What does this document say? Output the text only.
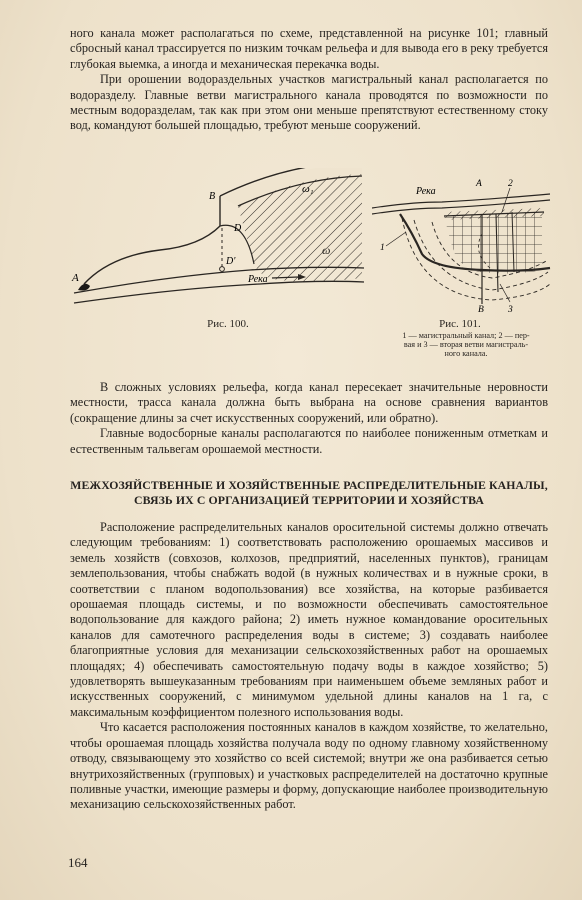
ного канала может располагаться по схеме, представленной на рисунке 101; главный сбросный канал трассируется по низким точкам рельефа и для вывода его в реку требуется глубокая выемка, а иногда и механическая перекачка воды.

При орошении водораздельных участков магистральный канал располагается по водоразделу. Главные ветви магистрального канала проводятся по возможности по местным водоразделам, так как при этом они меньше препятствуют естественному стоку вод, командуют большей площадью, требуют меньше сооружений.

A
B
D
D'
ω₁
ω
Река
Река
A	2
1
B	3
Рис. 100.	Рис. 101.
1 — магистральный канал; 2 — пер-
вая и 3 — вторая ветви магистраль-
ного канала.

В сложных условиях рельефа, когда канал пересекает значительные неровности местности, трасса канала должна быть выбрана на основе сравнения вариантов (сокращение длины за счет искусственных сооружений, или обратно).

Главные водосборные каналы располагаются по наиболее пониженным отметкам и естественным тальвегам орошаемой местности.

МЕЖХОЗЯЙСТВЕННЫЕ И ХОЗЯЙСТВЕННЫЕ РАСПРЕДЕЛИТЕЛЬНЫЕ КАНАЛЫ,
СВЯЗЬ ИХ С ОРГАНИЗАЦИЕЙ ТЕРРИТОРИИ И ХОЗЯЙСТВА

Расположение распределительных каналов оросительной системы должно отвечать следующим требованиям: 1) соответствовать расположению орошаемых массивов и земель хозяйств (совхозов, колхозов, предприятий, населенных пунктов), границам землепользования, чтобы снабжать водой (в нужных количествах и в нужные сроки, в соответствии с планом водопользования) все хозяйства, на которые разбивается орошаемая площадь системы, и по возможности обеспечивать самостоятельное водопользование для каждого района; 2) иметь нужное командование оросительных каналов для самотечного распределения воды в системе; 3) создавать наиболее благоприятные условия для механизации сельскохозяйственных работ на орошаемых площадях; 4) обеспечивать самостоятельную подачу воды в каждое хозяйство; 5) удовлетворять вышеуказанным требованиям при наименьшем объеме земляных работ и искусственных сооружений, с минимумом удельной длины каналов на 1 га, с максимальным коэффициентом полезного использования воды.

Что касается расположения постоянных каналов в каждом хозяйстве, то желательно, чтобы орошаемая площадь хозяйства получала воду по одному главному хозяйственному отводу, связывающему это хозяйство со всей системой; внутри же она разбивается сетью внутрихозяйственных (групповых) и участковых распределителей на достаточно крупные поливные участки, имеющие размеры и форму, допускающие наиболее производительную механизацию сельскохозяйственных работ.

164
